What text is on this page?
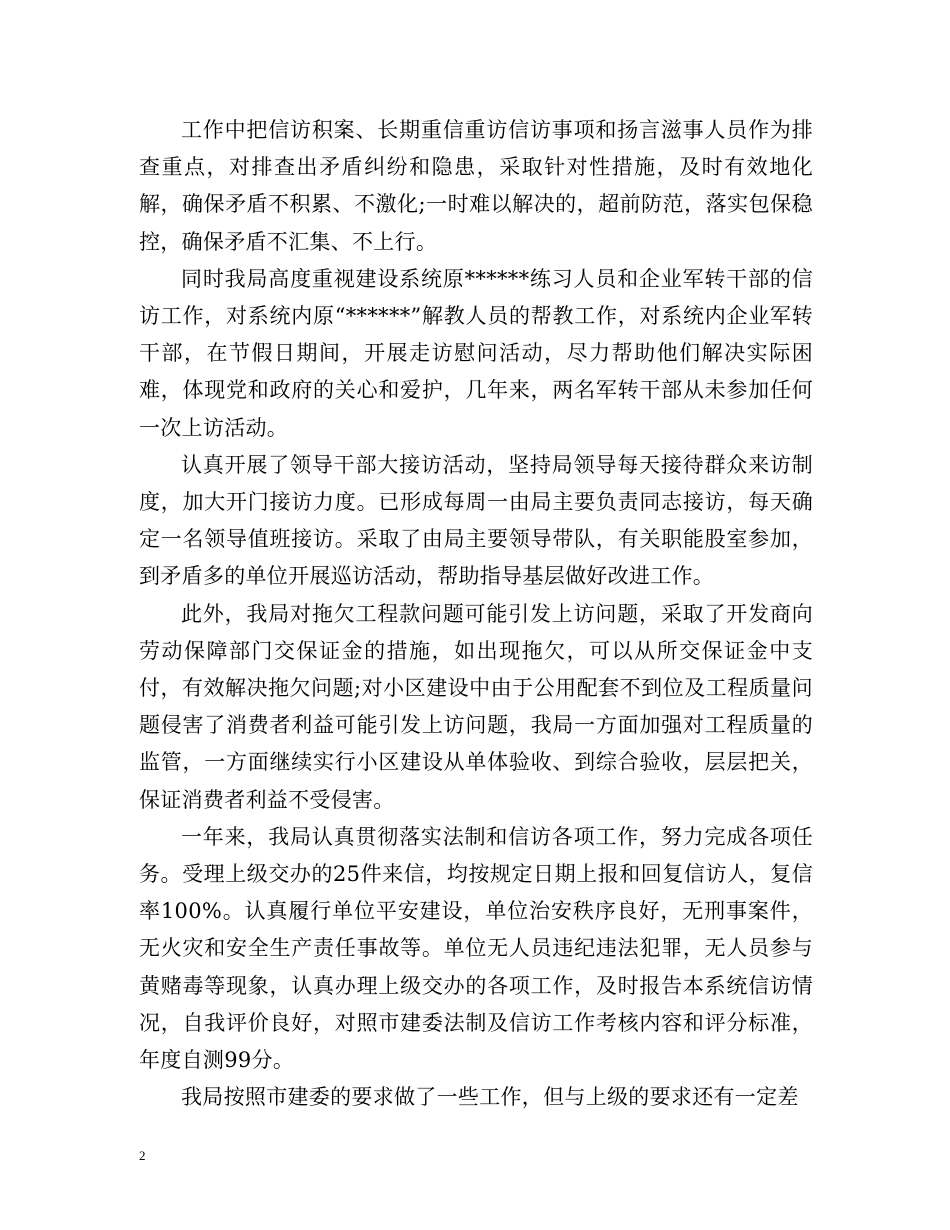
工作中把信访积案、长期重信重访信访事项和扬言滋事人员作为排查重点，对排查出矛盾纠纷和隐患，采取针对性措施，及时有效地化解，确保矛盾不积累、不激化;一时难以解决的，超前防范，落实包保稳控，确保矛盾不汇集、不上行。

同时我局高度重视建设系统原******练习人员和企业军转干部的信访工作，对系统内原“******”解教人员的帮教工作，对系统内企业军转干部，在节假日期间，开展走访慰问活动，尽力帮助他们解决实际困难，体现党和政府的关心和爱护，几年来，两名军转干部从未参加任何一次上访活动。

认真开展了领导干部大接访活动，坚持局领导每天接待群众来访制度，加大开门接访力度。已形成每周一由局主要负责同志接访，每天确定一名领导值班接访。采取了由局主要领导带队，有关职能股室参加，到矛盾多的单位开展巡访活动，帮助指导基层做好改进工作。

此外，我局对拖欠工程款问题可能引发上访问题，采取了开发商向劳动保障部门交保证金的措施，如出现拖欠，可以从所交保证金中支付，有效解决拖欠问题;对小区建设中由于公用配套不到位及工程质量问题侵害了消费者利益可能引发上访问题，我局一方面加强对工程质量的监管，一方面继续实行小区建设从单体验收、到综合验收，层层把关，保证消费者利益不受侵害。

一年来，我局认真贯彻落实法制和信访各项工作，努力完成各项任务。受理上级交办的25件来信，均按规定日期上报和回复信访人，复信率100%。认真履行单位平安建设，单位治安秩序良好，无刑事案件，无火灾和安全生产责任事故等。单位无人员违纪违法犯罪，无人员参与黄赌毒等现象，认真办理上级交办的各项工作，及时报告本系统信访情况，自我评价良好，对照市建委法制及信访工作考核内容和评分标准，年度自测99分。

我局按照市建委的要求做了一些工作，但与上级的要求还有一定差

2
